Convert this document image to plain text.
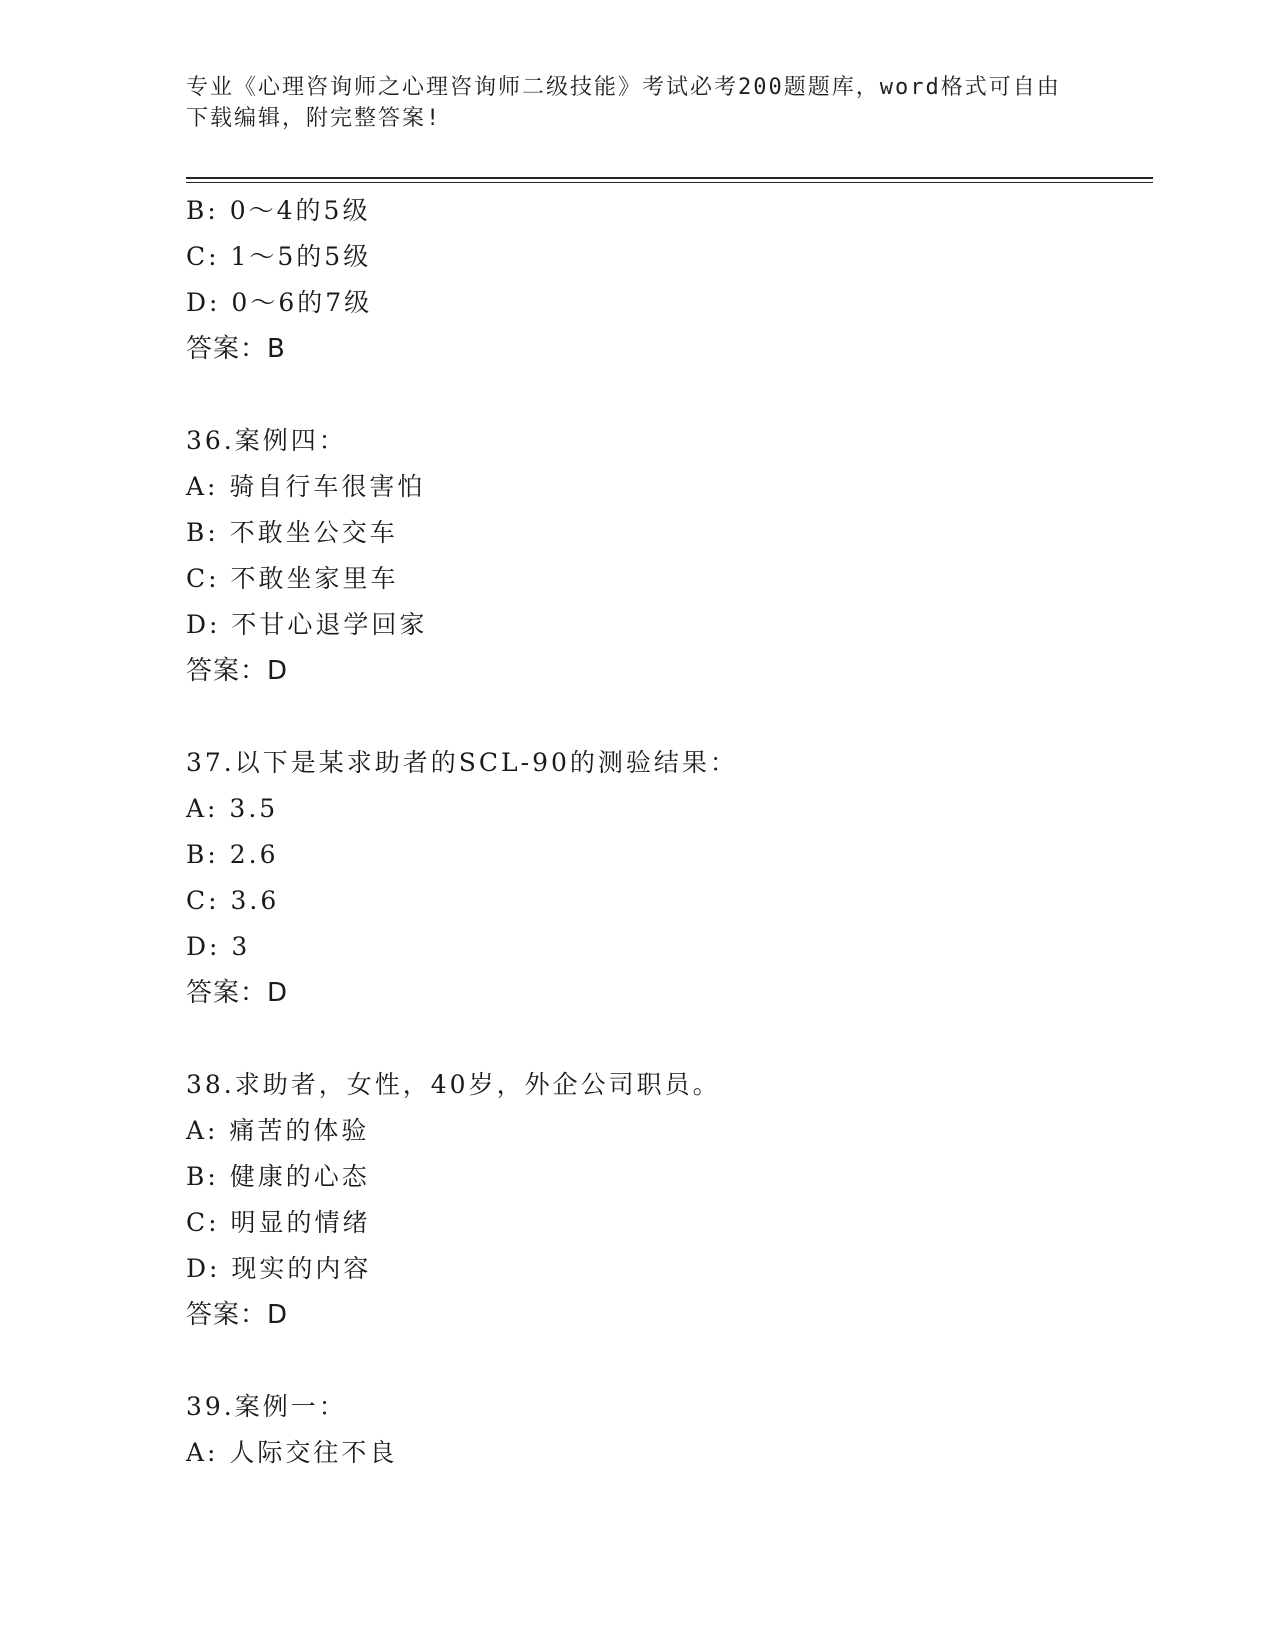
专业《心理咨询师之心理咨询师二级技能》考试必考200题题库，word格式可自由下载编辑，附完整答案!
B: 0～4的5级
C: 1～5的5级
D: 0～6的7级
答案：B
36.案例四：
A: 骑自行车很害怕
B: 不敢坐公交车
C: 不敢坐家里车
D: 不甘心退学回家
答案：D
37.以下是某求助者的SCL-90的测验结果：
A: 3.5
B: 2.6
C: 3.6
D: 3
答案：D
38.求助者，女性，40岁，外企公司职员。
A: 痛苦的体验
B: 健康的心态
C: 明显的情绪
D: 现实的内容
答案：D
39.案例一：
A: 人际交往不良
